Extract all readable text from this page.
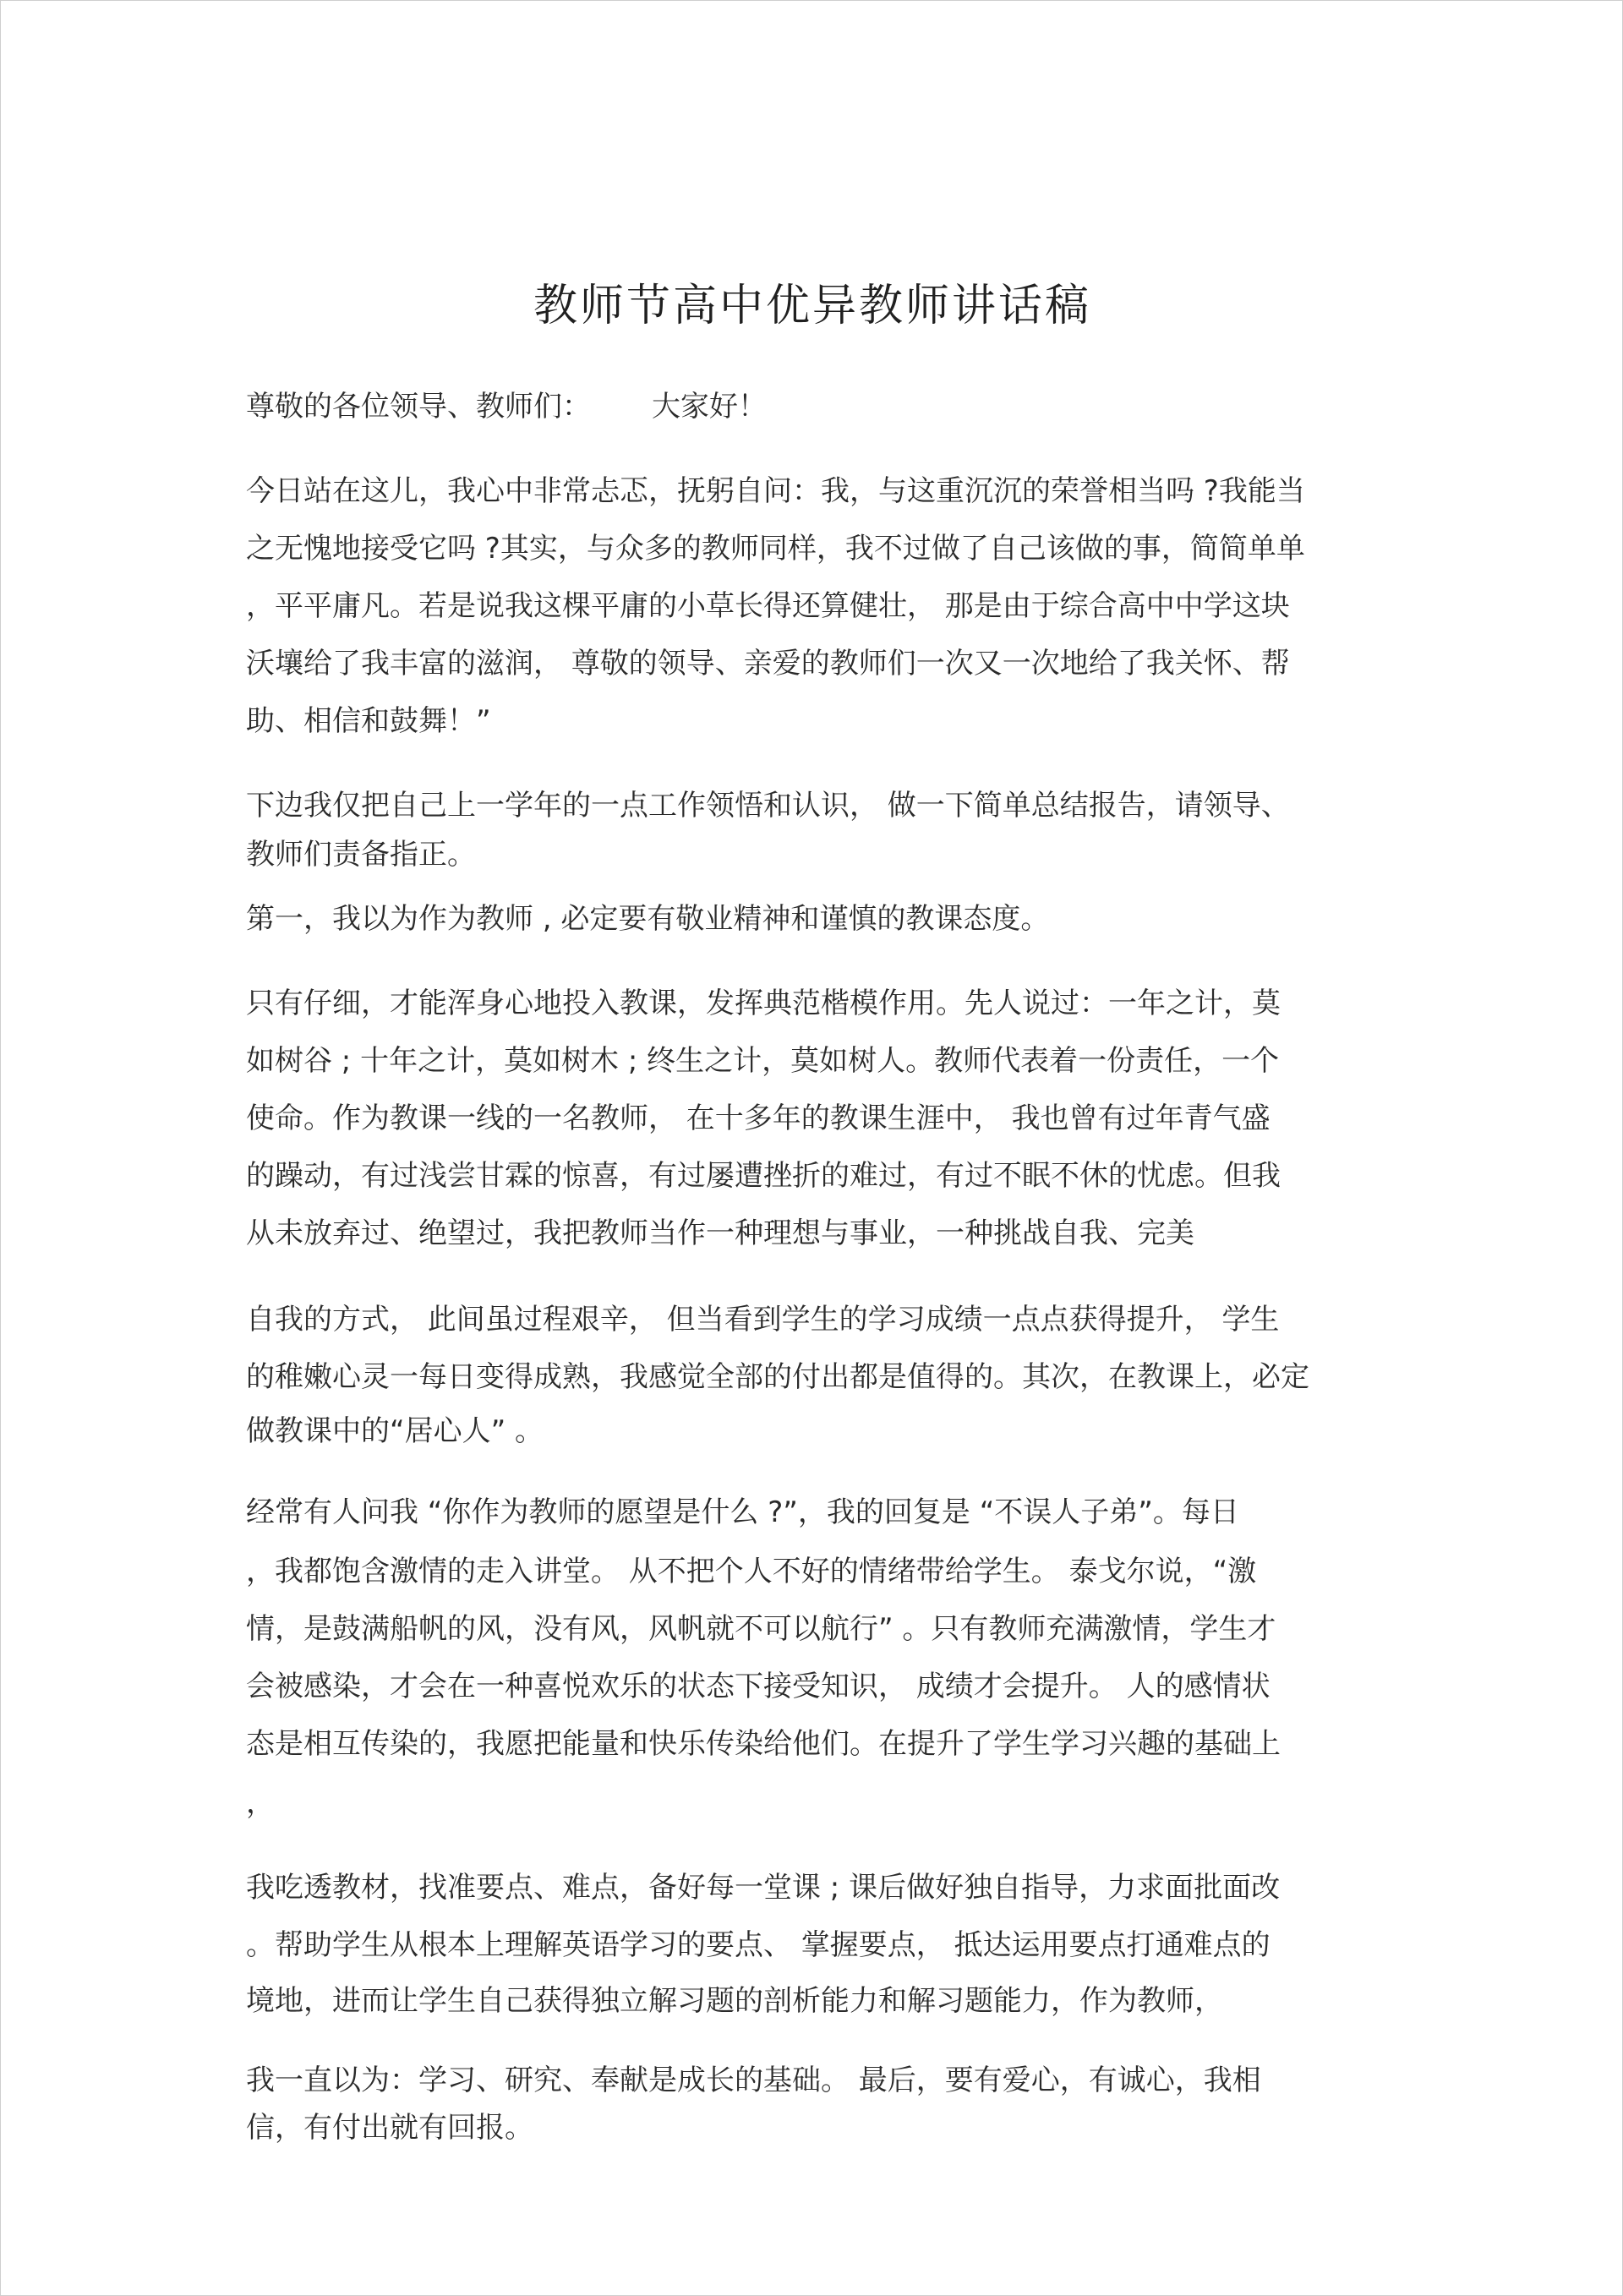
教师节高中优异教师讲话稿
尊敬的各位领导、教师们： 大家好！
今日站在这儿，我心中非常忐忑，抚躬自问：我，与这重沉沉的荣誉相当吗 ?我能当
之无愧地接受它吗 ?其实，与众多的教师同样，我不过做了自己该做的事，简简单单
，平平庸凡。若是说我这棵平庸的小草长得还算健壮， 那是由于综合高中中学这块
沃壤给了我丰富的滋润， 尊敬的领导、亲爱的教师们一次又一次地给了我关怀、帮
助、相信和鼓舞！”
下边我仅把自己上一学年的一点工作领悟和认识， 做一下简单总结报告，请领导、
教师们责备指正。
第一，我以为作为教师 , 必定要有敬业精神和谨慎的教课态度。
只有仔细，才能浑身心地投入教课，发挥典范楷模作用。先人说过：一年之计，莫
如树谷 ; 十年之计，莫如树木 ; 终生之计，莫如树人。教师代表着一份责任，一个
使命。作为教课一线的一名教师， 在十多年的教课生涯中， 我也曾有过年青气盛
的躁动，有过浅尝甘霖的惊喜，有过屡遭挫折的难过，有过不眠不休的忧虑。但我
从未放弃过、绝望过，我把教师当作一种理想与事业，一种挑战自我、完美
自我的方式， 此间虽过程艰辛， 但当看到学生的学习成绩一点点获得提升， 学生
的稚嫩心灵一每日变得成熟，我感觉全部的付出都是值得的。其次，在教课上，必定
做教课中的“居心人” 。
经常有人问我 “你作为教师的愿望是什么 ?”，我的回复是 “不误人子弟”。每日
，我都饱含激情的走入讲堂。 从不把个人不好的情绪带给学生。 泰戈尔说，“激
情，是鼓满船帆的风，没有风，风帆就不可以航行” 。只有教师充满激情，学生才
会被感染，才会在一种喜悦欢乐的状态下接受知识， 成绩才会提升。 人的感情状
态是相互传染的，我愿把能量和快乐传染给他们。在提升了学生学习兴趣的基础上
，
我吃透教材，找准要点、难点，备好每一堂课 ; 课后做好独自指导，力求面批面改
。帮助学生从根本上理解英语学习的要点、 掌握要点， 抵达运用要点打通难点的
境地，进而让学生自己获得独立解习题的剖析能力和解习题能力，作为教师，
我一直以为：学习、研究、奉献是成长的基础。 最后，要有爱心，有诚心，我相
信，有付出就有回报。
